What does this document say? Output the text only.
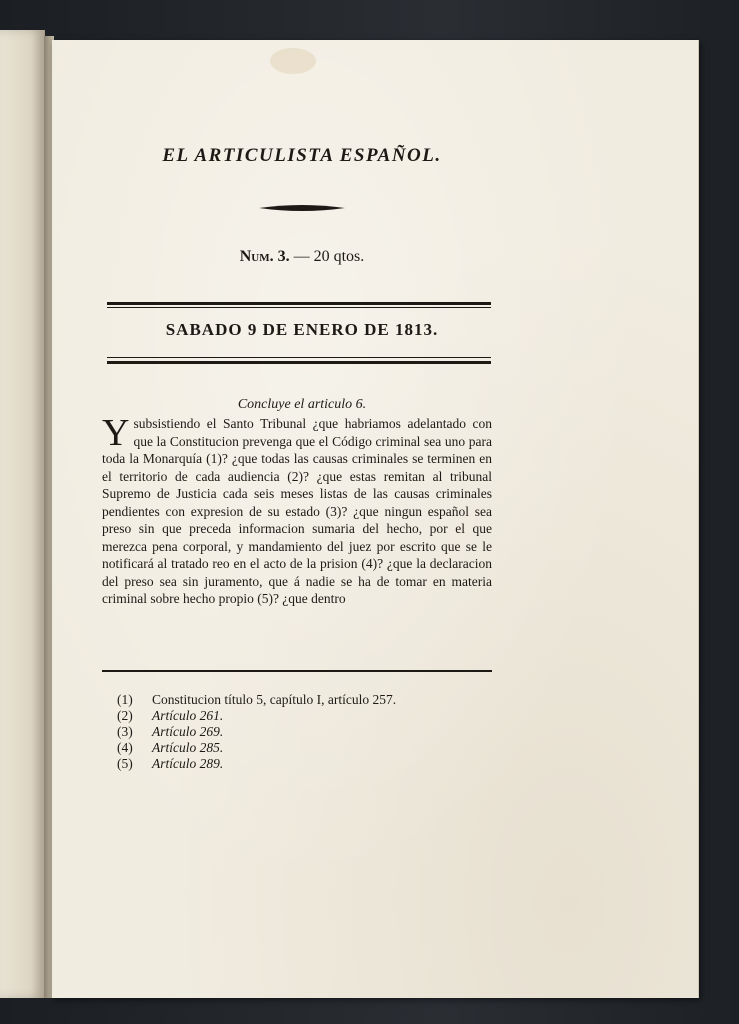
EL ARTICULISTA ESPAÑOL.
Num. 3. — 20 qtos.
SABADO 9 DE ENERO DE 1813.
Concluye el articulo 6.
Ysubsistiendo el Santo Tribunal ¿que habriamos adelantado con que la Constitucion prevenga que el Código criminal sea uno para toda la Monarquía (1)? ¿que todas las causas criminales se terminen en el territorio de cada audiencia (2)? ¿que estas remitan al tribunal Supremo de Justicia cada seis meses listas de las causas criminales pendientes con expresion de su estado (3)? ¿que ningun español sea preso sin que preceda informacion sumaria del hecho, por el que merezca pena corporal, y mandamiento del juez por escrito que se le notificará al tratado reo en el acto de la prision (4)? ¿que la declaracion del preso sea sin juramento, que á nadie se ha de tomar en materia criminal sobre hecho propio (5)? ¿que dentro
(1)	Constitucion título 5, capítulo I, artículo 257.
(2)	Artículo 261.
(3)	Artículo 269.
(4)	Artículo 285.
(5)	Artículo 289.
